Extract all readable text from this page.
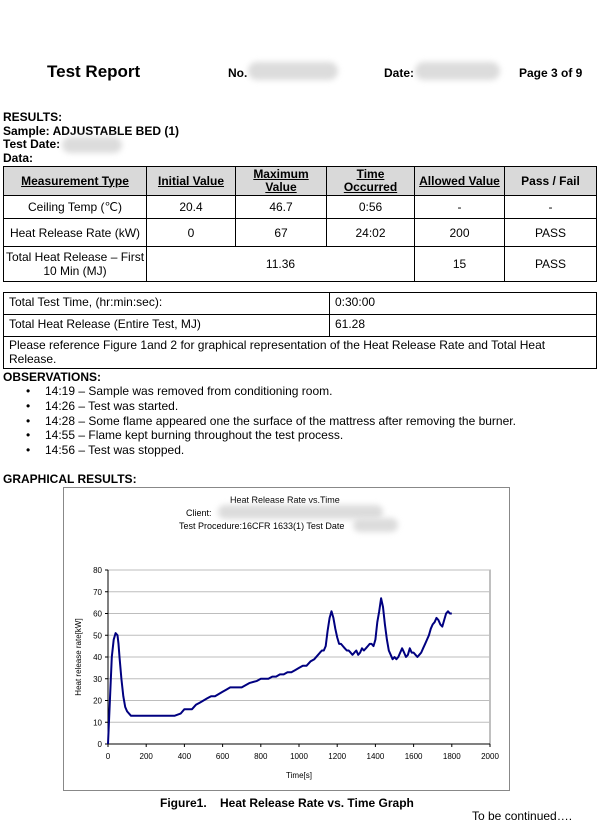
Test Report	No.	Date:	Page 3 of 9
RESULTS:
Sample: ADJUSTABLE BED (1)
Test Date:
Data:
Measurement Type	Initial Value	Maximum Value	Time Occurred	Allowed Value	Pass / Fail
Ceiling Temp (℃)	20.4	46.7	0:56	-	-
Heat Release Rate (kW)	0	67	24:02	200	PASS
Total Heat Release – First 10 Min (MJ)	11.36			15	PASS
Total Test Time, (hr:min:sec):	0:30:00
Total Heat Release (Entire Test, MJ)	61.28
Please reference Figure 1and 2 for graphical representation of the Heat Release Rate and Total Heat Release.	
OBSERVATIONS:
• 14:19 – Sample was removed from conditioning room.
• 14:26 – Test was started.
• 14:28 – Some flame appeared one the surface of the mattress after removing the burner.
• 14:55 – Flame kept burning throughout the test process.
• 14:56 – Test was stopped.
GRAPHICAL RESULTS:
Heat Release Rate vs.Time
Client:
Test Procedure:16CFR 1633(1) Test Date
0
10
20
30
40
50
60
70
80
0	200	400	600	800	1000	1200	1400	1600	1800	2000
Time[s]
Heat release rate[kW]
Figure1.    Heat Release Rate vs. Time Graph
To be continued….
